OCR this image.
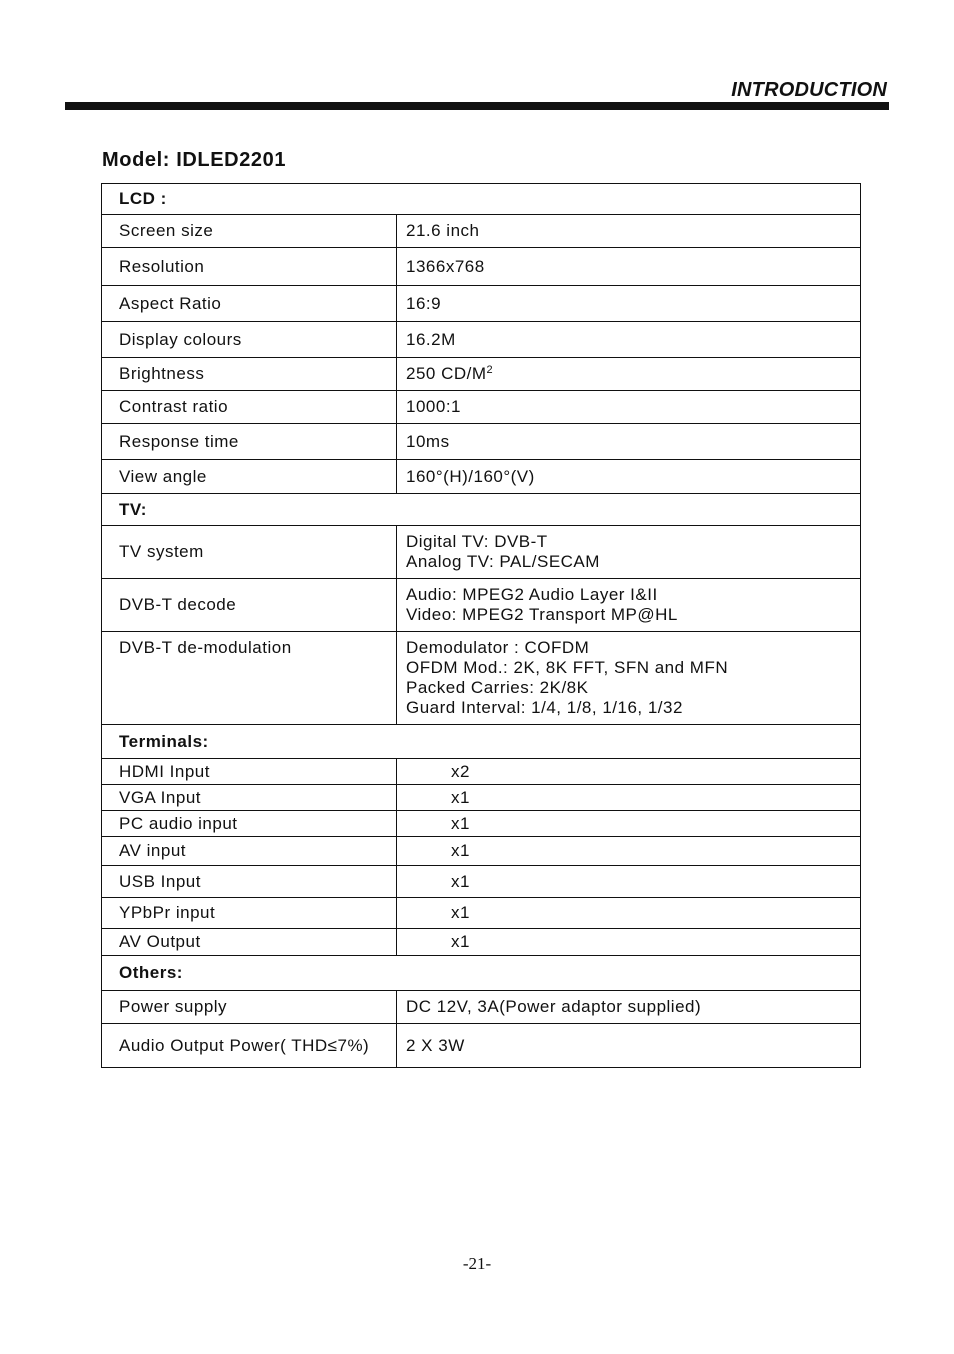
INTRODUCTION
Model: IDLED2201
LCD :	
Screen size	21.6 inch
Resolution	1366x768
Aspect Ratio	16:9
Display colours	16.2M
Brightness	250 $CD/M^2$
Contrast ratio	1000:1
Response time	10ms
View angle	160°(H)/160°(V)
TV:	
TV system	Digital TV: DVB-T
Analog TV: PAL/SECAM

DVB-T decode	Audio: MPEG2 Audio Layer I&II
Video: MPEG2 Transport MP@HL

DVB-T de-modulation	Demodulator : COFDM
OFDM Mod.: 2K, 8K FFT, SFN and MFN
Packed Carries: 2K/8K
Guard Interval: 1/4, 1/8, 1/16, 1/32

Terminals:	
HDMI Input	x2
VGA Input	x1
PC audio input	x1
AV input	x1
USB Input	x1
YPbPr input	x1
AV Output	x1
Others:	
Power supply	DC 12V, 3A(Power adaptor supplied)
Audio Output Power( THD≤7%)	2 X 3W
-21-
